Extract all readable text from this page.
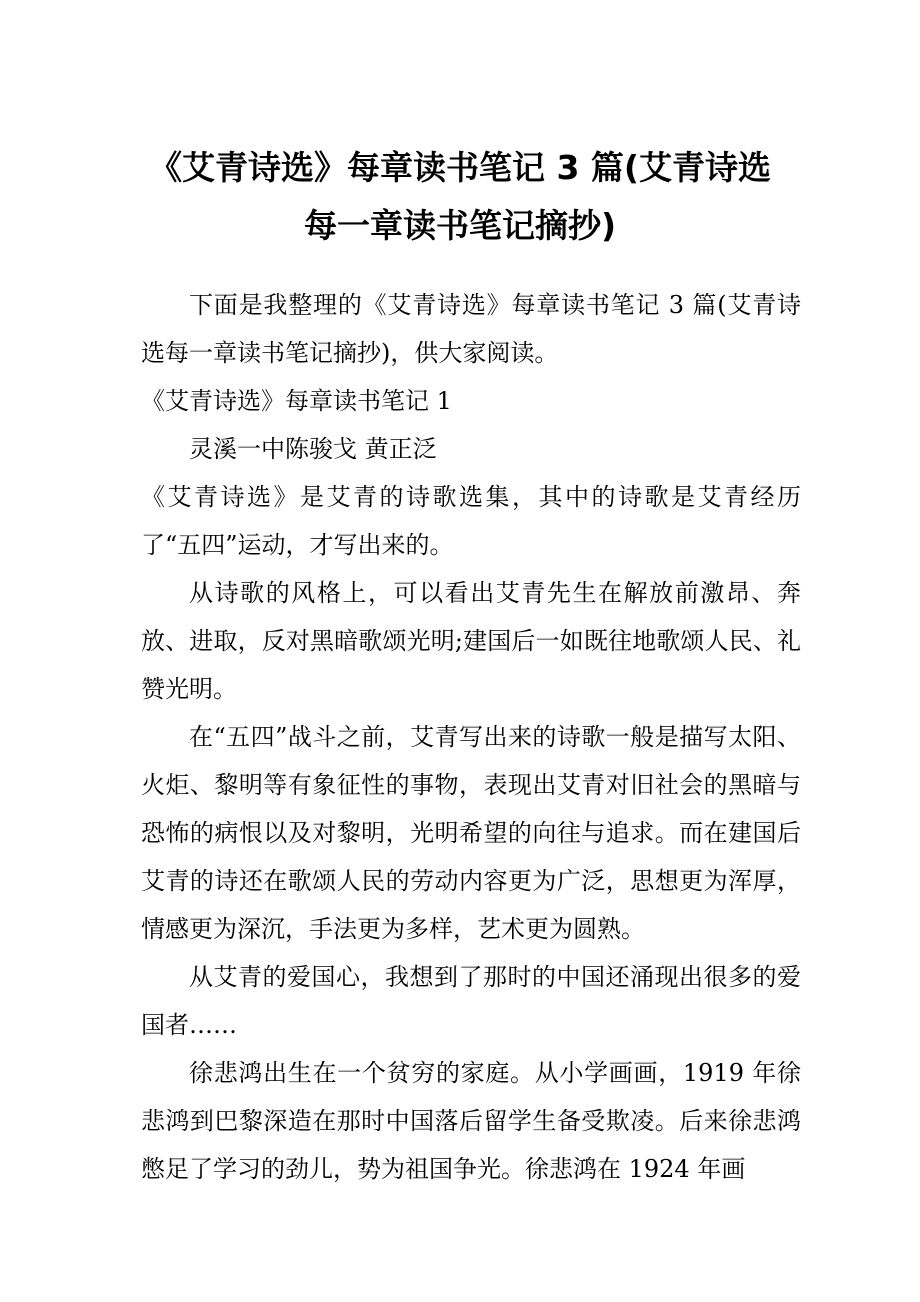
《艾青诗选》每章读书笔记 3 篇(艾青诗选
每一章读书笔记摘抄)

下面是我整理的《艾青诗选》每章读书笔记 3 篇(艾青诗选每一章读书笔记摘抄)，供大家阅读。

《艾青诗选》每章读书笔记 1

灵溪一中陈骏戈 黄正泛

《艾青诗选》是艾青的诗歌选集，其中的诗歌是艾青经历了“五四”运动，才写出来的。

从诗歌的风格上，可以看出艾青先生在解放前激昂、奔放、进取，反对黑暗歌颂光明;建国后一如既往地歌颂人民、礼赞光明。

在“五四”战斗之前，艾青写出来的诗歌一般是描写太阳、火炬、黎明等有象征性的事物，表现出艾青对旧社会的黑暗与恐怖的病恨以及对黎明，光明希望的向往与追求。而在建国后艾青的诗还在歌颂人民的劳动内容更为广泛，思想更为浑厚，情感更为深沉，手法更为多样，艺术更为圆熟。

从艾青的爱国心，我想到了那时的中国还涌现出很多的爱国者……

徐悲鸿出生在一个贫穷的家庭。从小学画画，1919 年徐悲鸿到巴黎深造在那时中国落后留学生备受欺凌。后来徐悲鸿憋足了学习的劲儿，势为祖国争光。徐悲鸿在 1924 年画
